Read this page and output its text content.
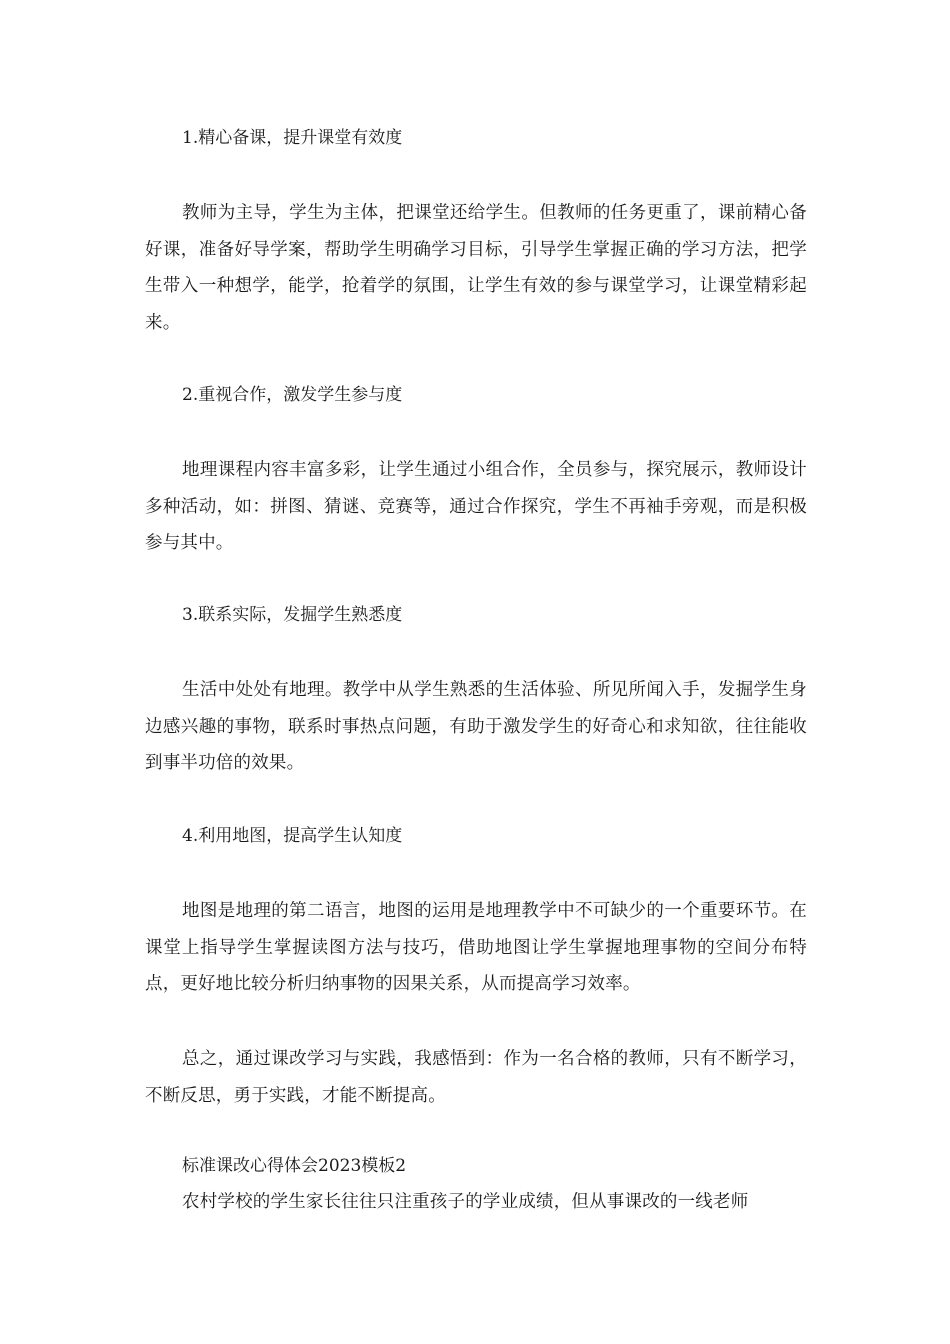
1.精心备课，提升课堂有效度
教师为主导，学生为主体，把课堂还给学生。但教师的任务更重了，课前精心备好课，准备好导学案，帮助学生明确学习目标，引导学生掌握正确的学习方法，把学生带入一种想学，能学，抢着学的氛围，让学生有效的参与课堂学习，让课堂精彩起来。
2.重视合作，激发学生参与度
地理课程内容丰富多彩，让学生通过小组合作，全员参与，探究展示，教师设计多种活动，如：拼图、猜谜、竞赛等，通过合作探究，学生不再袖手旁观，而是积极参与其中。
3.联系实际，发掘学生熟悉度
生活中处处有地理。教学中从学生熟悉的生活体验、所见所闻入手，发掘学生身边感兴趣的事物，联系时事热点问题，有助于激发学生的好奇心和求知欲，往往能收到事半功倍的效果。
4.利用地图，提高学生认知度
地图是地理的第二语言，地图的运用是地理教学中不可缺少的一个重要环节。在课堂上指导学生掌握读图方法与技巧，借助地图让学生掌握地理事物的空间分布特点，更好地比较分析归纳事物的因果关系，从而提高学习效率。
总之，通过课改学习与实践，我感悟到：作为一名合格的教师，只有不断学习，不断反思，勇于实践，才能不断提高。
标准课改心得体会2023模板2
农村学校的学生家长往往只注重孩子的学业成绩，但从事课改的一线老师
